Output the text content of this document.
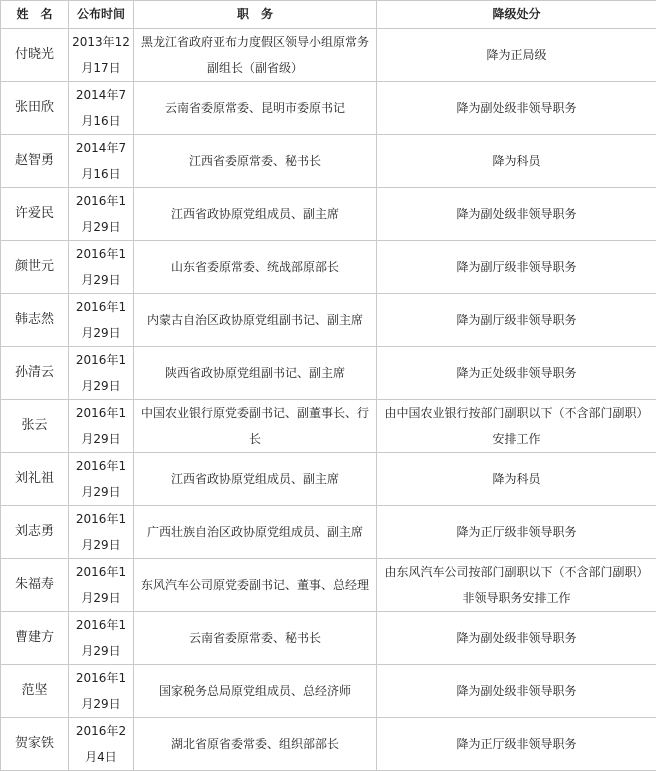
姓　名	公布时间	职　务	降级处分
付晓光	2013年12月17日	黑龙江省政府亚布力度假区领导小组原常务副组长（副省级）	降为正局级
张田欣	2014年7月16日	云南省委原常委、昆明市委原书记	降为副处级非领导职务
赵智勇	2014年7月16日	江西省委原常委、秘书长	降为科员
许爱民	2016年1月29日	江西省政协原党组成员、副主席	降为副处级非领导职务
颜世元	2016年1月29日	山东省委原常委、统战部原部长	降为副厅级非领导职务
韩志然	2016年1月29日	内蒙古自治区政协原党组副书记、副主席	降为副厅级非领导职务
孙清云	2016年1月29日	陕西省政协原党组副书记、副主席	降为正处级非领导职务
张云	2016年1月29日	中国农业银行原党委副书记、副董事长、行长	由中国农业银行按部门副职以下（不含部门副职）安排工作
刘礼祖	2016年1月29日	江西省政协原党组成员、副主席	降为科员
刘志勇	2016年1月29日	广西壮族自治区政协原党组成员、副主席	降为正厅级非领导职务
朱福寿	2016年1月29日	东风汽车公司原党委副书记、董事、总经理	由东风汽车公司按部门副职以下（不含部门副职）非领导职务安排工作
曹建方	2016年1月29日	云南省委原常委、秘书长	降为副处级非领导职务
范坚	2016年1月29日	国家税务总局原党组成员、总经济师	降为副处级非领导职务
贺家铁	2016年2月4日	湖北省原省委常委、组织部部长	降为正厅级非领导职务
